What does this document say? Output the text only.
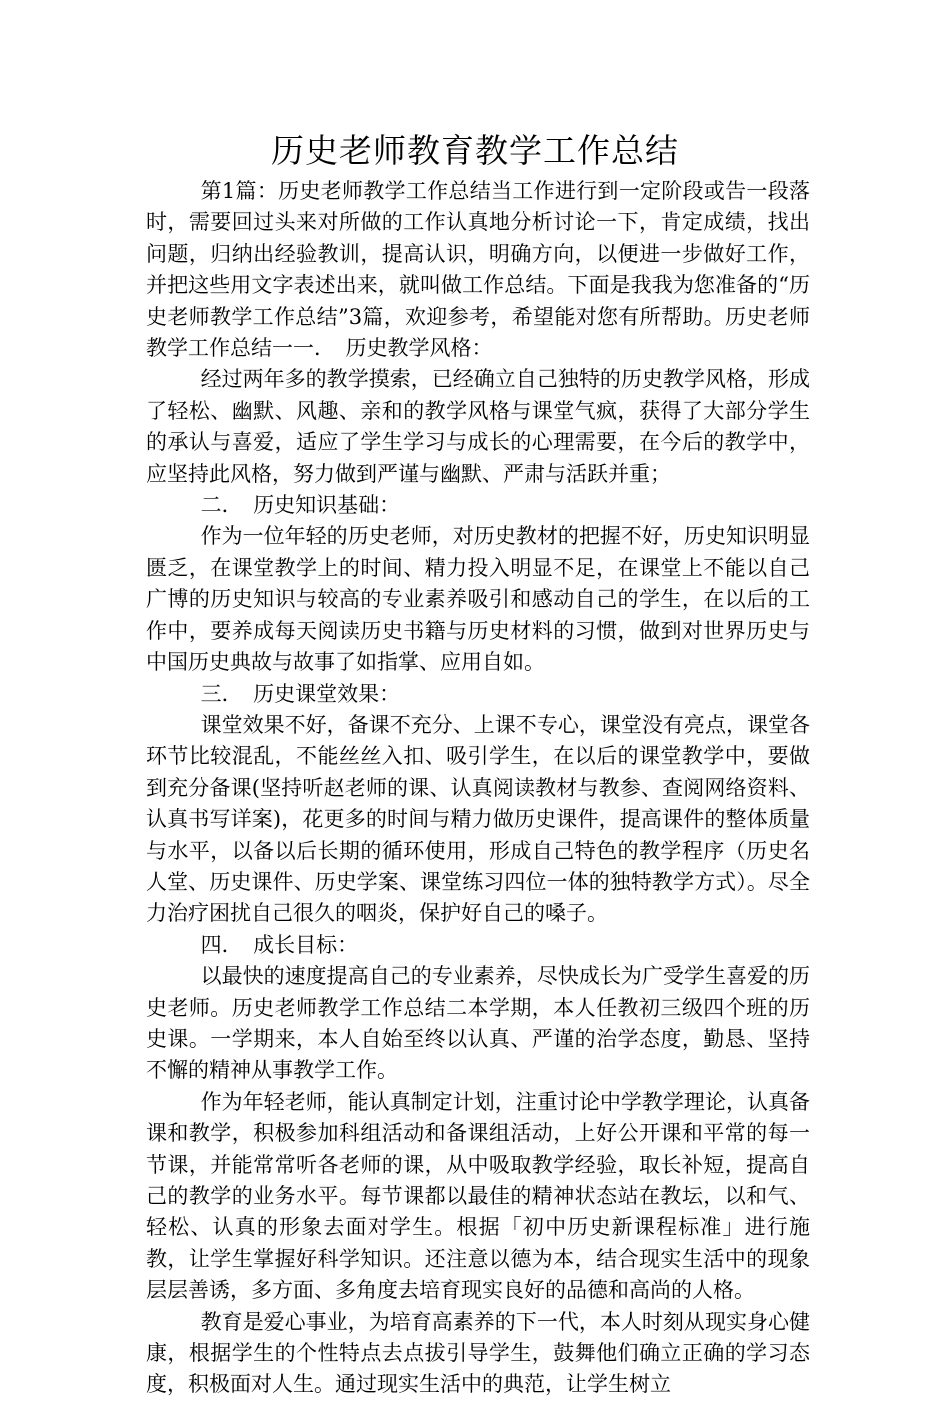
历史老师教育教学工作总结

第1篇：历史老师教学工作总结当工作进行到一定阶段或告一段落时，需要回过头来对所做的工作认真地分析讨论一下，肯定成绩，找出问题，归纳出经验教训，提高认识，明确方向，以便进一步做好工作，并把这些用文字表述出来，就叫做工作总结。下面是我我为您准备的“历史老师教学工作总结”3篇，欢迎参考，希望能对您有所帮助。历史老师教学工作总结一一．　历史教学风格：

经过两年多的教学摸索，已经确立自己独特的历史教学风格，形成了轻松、幽默、风趣、亲和的教学风格与课堂气疯，获得了大部分学生的承认与喜爱，适应了学生学习与成长的心理需要，在今后的教学中，应坚持此风格，努力做到严谨与幽默、严肃与活跃并重；

二．　历史知识基础：

作为一位年轻的历史老师，对历史教材的把握不好，历史知识明显匮乏，在课堂教学上的时间、精力投入明显不足，在课堂上不能以自己广博的历史知识与较高的专业素养吸引和感动自己的学生，在以后的工作中，要养成每天阅读历史书籍与历史材料的习惯，做到对世界历史与中国历史典故与故事了如指掌、应用自如。

三．　历史课堂效果：

课堂效果不好，备课不充分、上课不专心，课堂没有亮点，课堂各环节比较混乱，不能丝丝入扣、吸引学生，在以后的课堂教学中，要做到充分备课(坚持听赵老师的课、认真阅读教材与教参、查阅网络资料、认真书写详案)，花更多的时间与精力做历史课件，提高课件的整体质量与水平，以备以后长期的循环使用，形成自己特色的教学程序（历史名人堂、历史课件、历史学案、课堂练习四位一体的独特教学方式）。尽全力治疗困扰自己很久的咽炎，保护好自己的嗓子。

四．　成长目标：

以最快的速度提高自己的专业素养，尽快成长为广受学生喜爱的历史老师。历史老师教学工作总结二本学期，本人任教初三级四个班的历史课。一学期来，本人自始至终以认真、严谨的治学态度，勤恳、坚持不懈的精神从事教学工作。

作为年轻老师，能认真制定计划，注重讨论中学教学理论，认真备课和教学，积极参加科组活动和备课组活动，上好公开课和平常的每一节课，并能常常听各老师的课，从中吸取教学经验，取长补短，提高自己的教学的业务水平。每节课都以最佳的精神状态站在教坛，以和气、轻松、认真的形象去面对学生。根据「初中历史新课程标准」进行施教，让学生掌握好科学知识。还注意以德为本，结合现实生活中的现象层层善诱，多方面、多角度去培育现实良好的品德和高尚的人格。

教育是爱心事业，为培育高素养的下一代，本人时刻从现实身心健康，根据学生的个性特点去点拔引导学生，鼓舞他们确立正确的学习态度，积极面对人生。通过现实生活中的典范，让学生树立
